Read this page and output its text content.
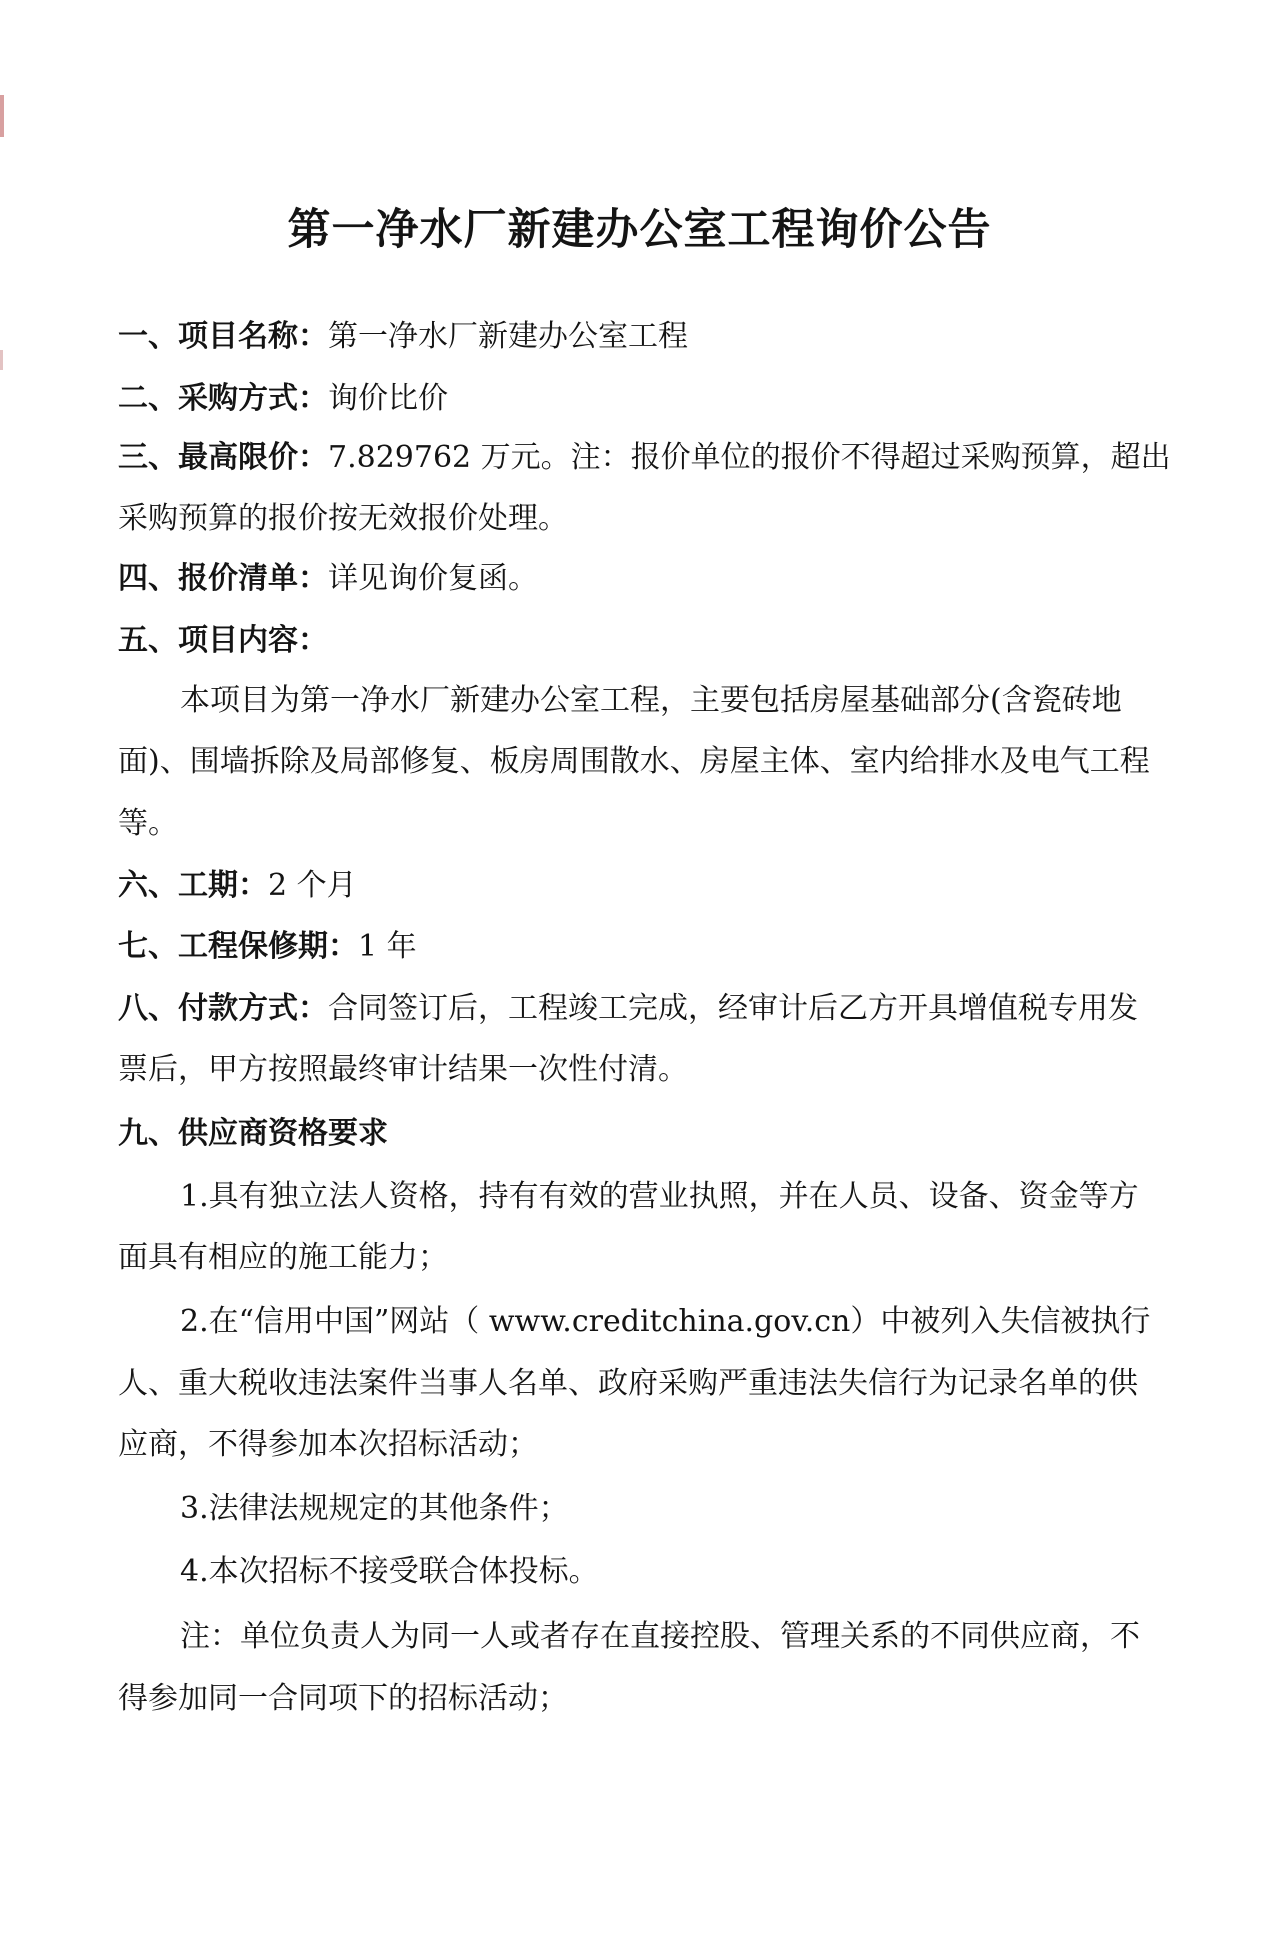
第一净水厂新建办公室工程询价公告
一、项目名称：第一净水厂新建办公室工程
二、采购方式：询价比价
三、最高限价：7.829762 万元。注：报价单位的报价不得超过采购预算，超出
采购预算的报价按无效报价处理。
四、报价清单：详见询价复函。
五、项目内容：
本项目为第一净水厂新建办公室工程，主要包括房屋基础部分(含瓷砖地
面)、围墙拆除及局部修复、板房周围散水、房屋主体、室内给排水及电气工程
等。
六、工期：2 个月
七、工程保修期：1 年
八、付款方式：合同签订后，工程竣工完成，经审计后乙方开具增值税专用发
票后，甲方按照最终审计结果一次性付清。
九、供应商资格要求
1.具有独立法人资格，持有有效的营业执照，并在人员、设备、资金等方
面具有相应的施工能力；
2.在“信用中国”网站（ www.creditchina.gov.cn）中被列入失信被执行
人、重大税收违法案件当事人名单、政府采购严重违法失信行为记录名单的供
应商，不得参加本次招标活动；
3.法律法规规定的其他条件；
4.本次招标不接受联合体投标。
注：单位负责人为同一人或者存在直接控股、管理关系的不同供应商，不
得参加同一合同项下的招标活动；
